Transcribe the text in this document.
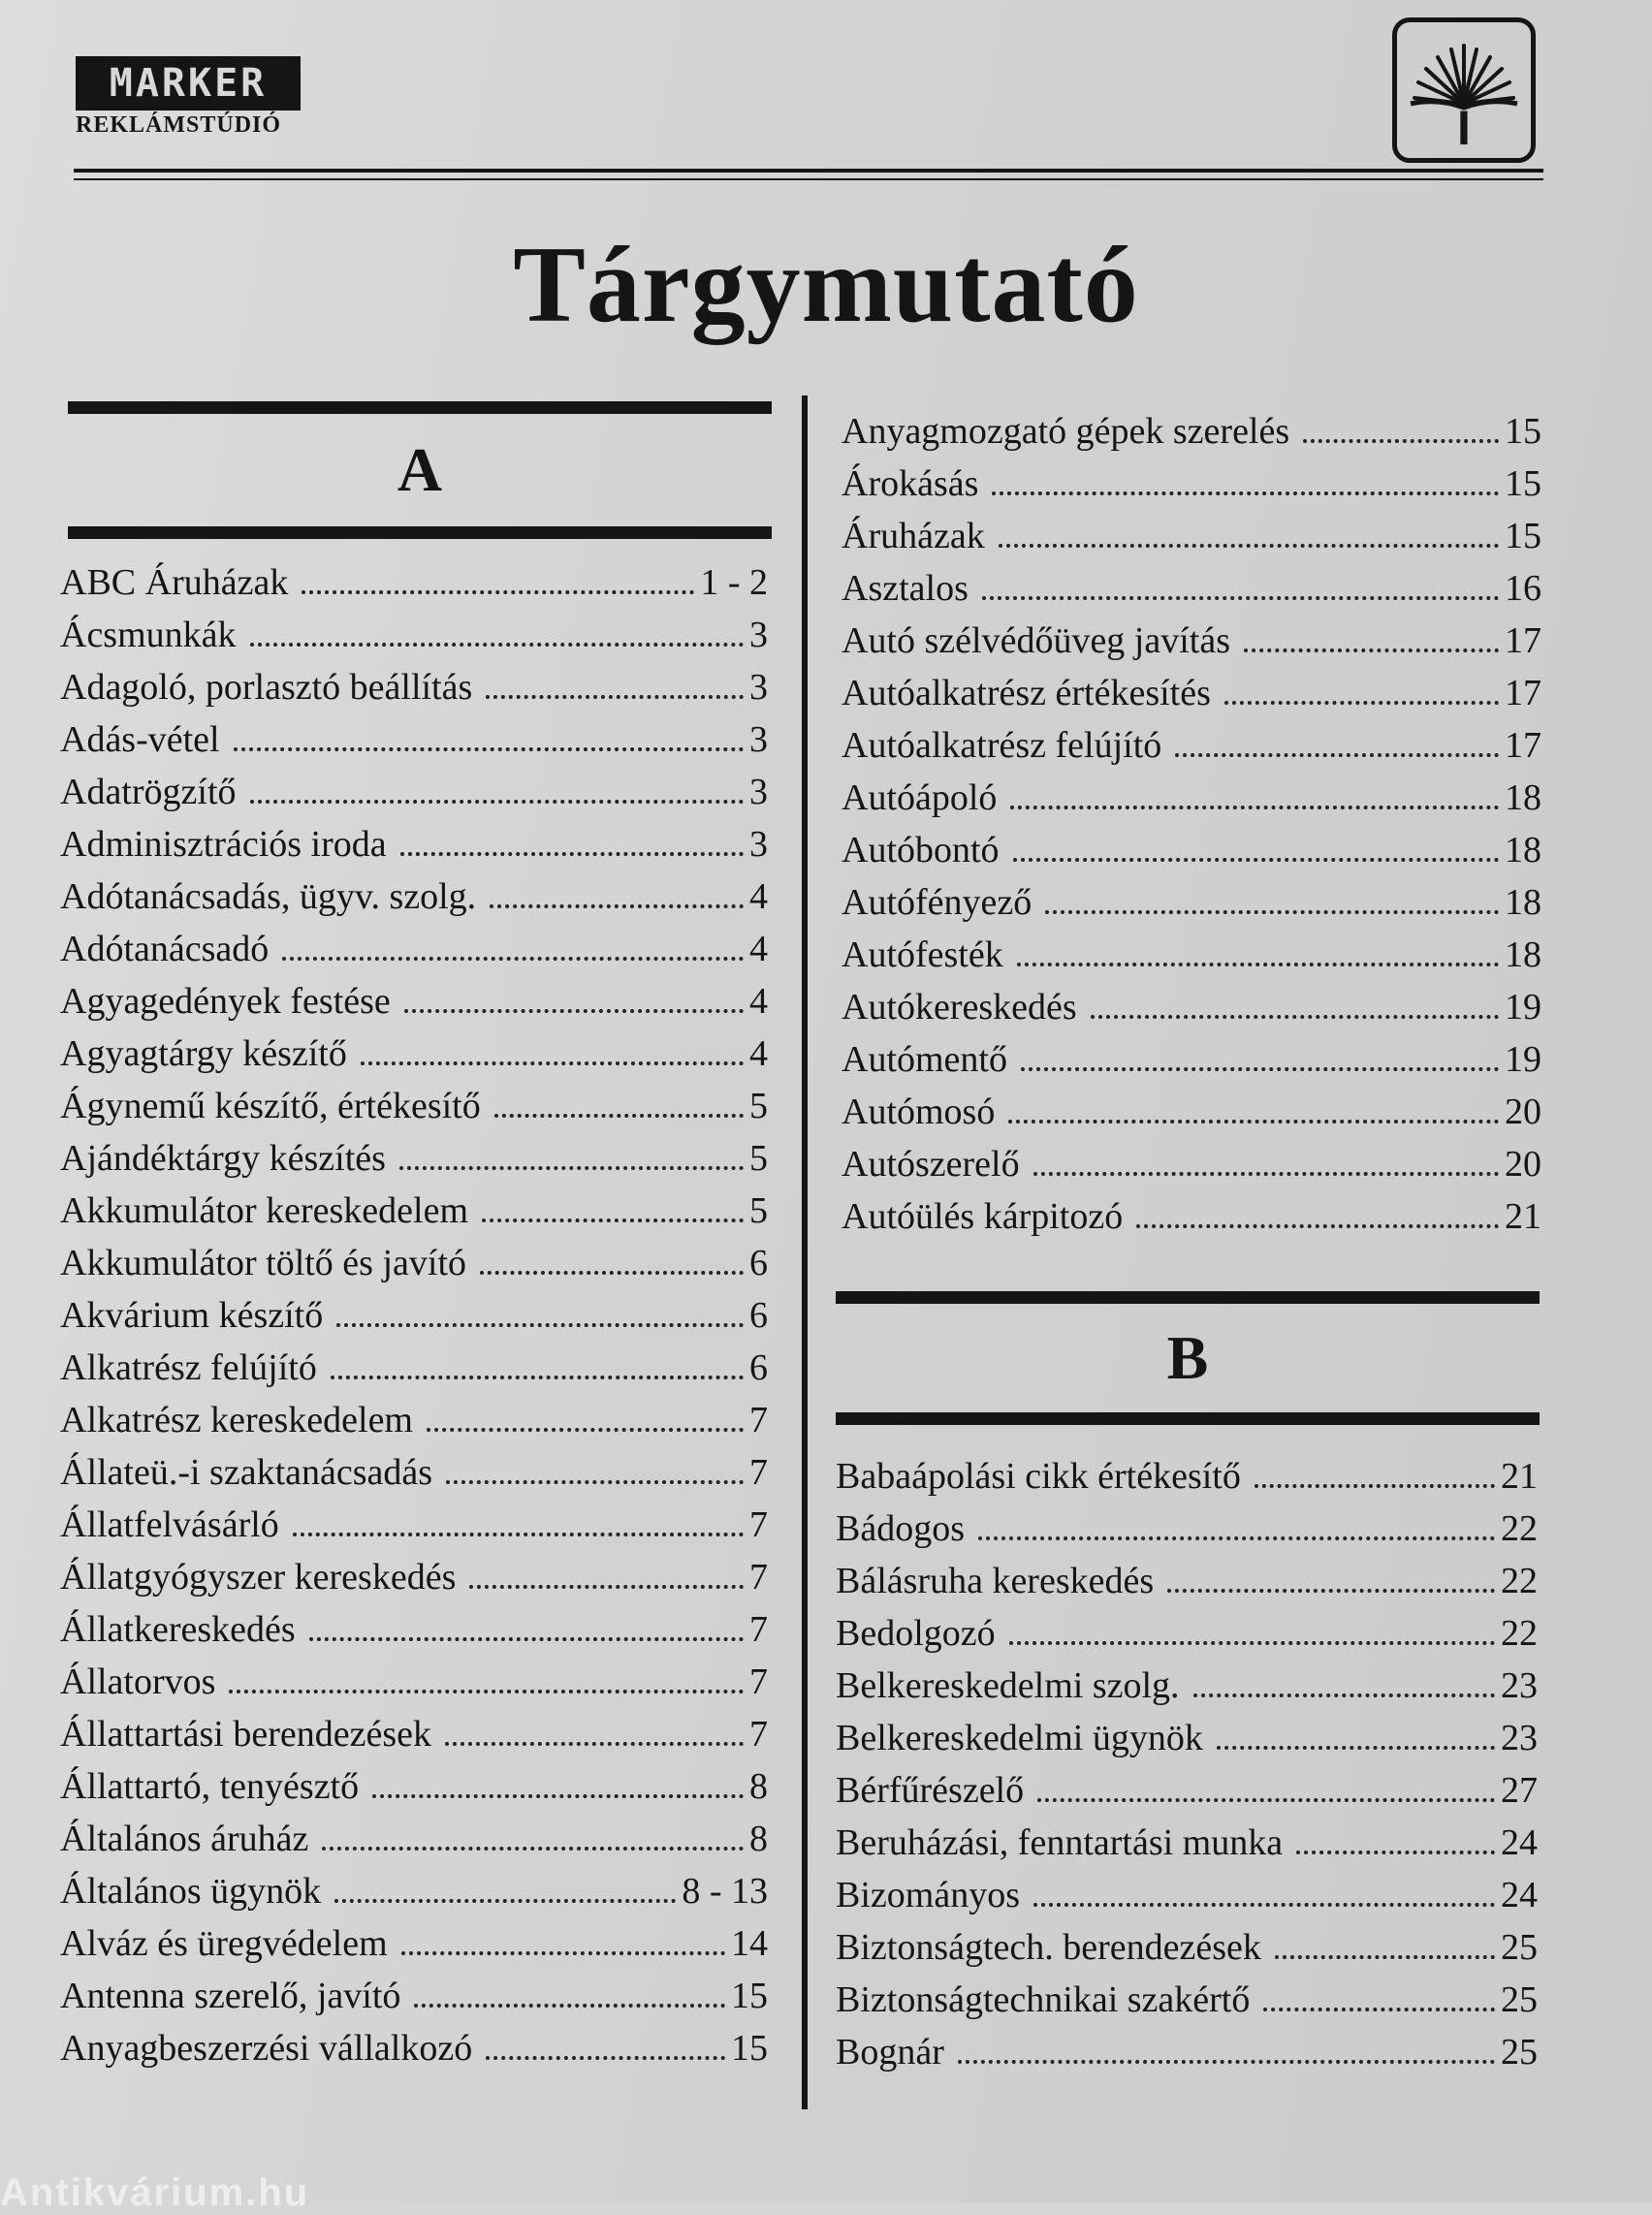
MARKER
REKLÁMSTÚDIÓ	I
Tárgymutató
A
ABC Áruházak	1 - 2
Ácsmunkák	3
Adagoló, porlasztó beállítás	3
Adás-vétel	3
Adatrögzítő	3
Adminisztrációs iroda	3
Adótanácsadás, ügyv. szolg.	4
Adótanácsadó	4
Agyagedények festése	4
Agyagtárgy készítő	4
Ágynemű készítő, értékesítő	5
Ajándéktárgy készítés	5
Akkumulátor kereskedelem	5
Akkumulátor töltő és javító	6
Akvárium készítő	6
Alkatrész felújító	6
Alkatrész kereskedelem	7
Állateü.-i szaktanácsadás	7
Állatfelvásárló	7
Állatgyógyszer kereskedés	7
Állatkereskedés	7
Állatorvos	7
Állattartási berendezések	7
Állattartó, tenyésztő	8
Általános áruház	8
Általános ügynök	8 - 13
Alváz és üregvédelem	14
Antenna szerelő, javító	15
Anyagbeszerzési vállalkozó	15
Anyagmozgató gépek szerelés	15
Árokásás	15
Áruházak	15
Asztalos	16
Autó szélvédőüveg javítás	17
Autóalkatrész értékesítés	17
Autóalkatrész felújító	17
Autóápoló	18
Autóbontó	18
Autófényező	18
Autófesték	18
Autókereskedés	19
Autómentő	19
Autómosó	20
Autószerelő	20
Autóülés kárpitozó	21
B
Babaápolási cikk értékesítő	21
Bádogos	22
Bálásruha kereskedés	22
Bedolgozó	22
Belkereskedelmi szolg.	23
Belkereskedelmi ügynök	23
Bérfűrészelő	27
Beruházási, fenntartási munka	24
Bizományos	24
Biztonságtech. berendezések	25
Biztonságtechnikai szakértő	25
Bognár	25
Antikvárium.hu
